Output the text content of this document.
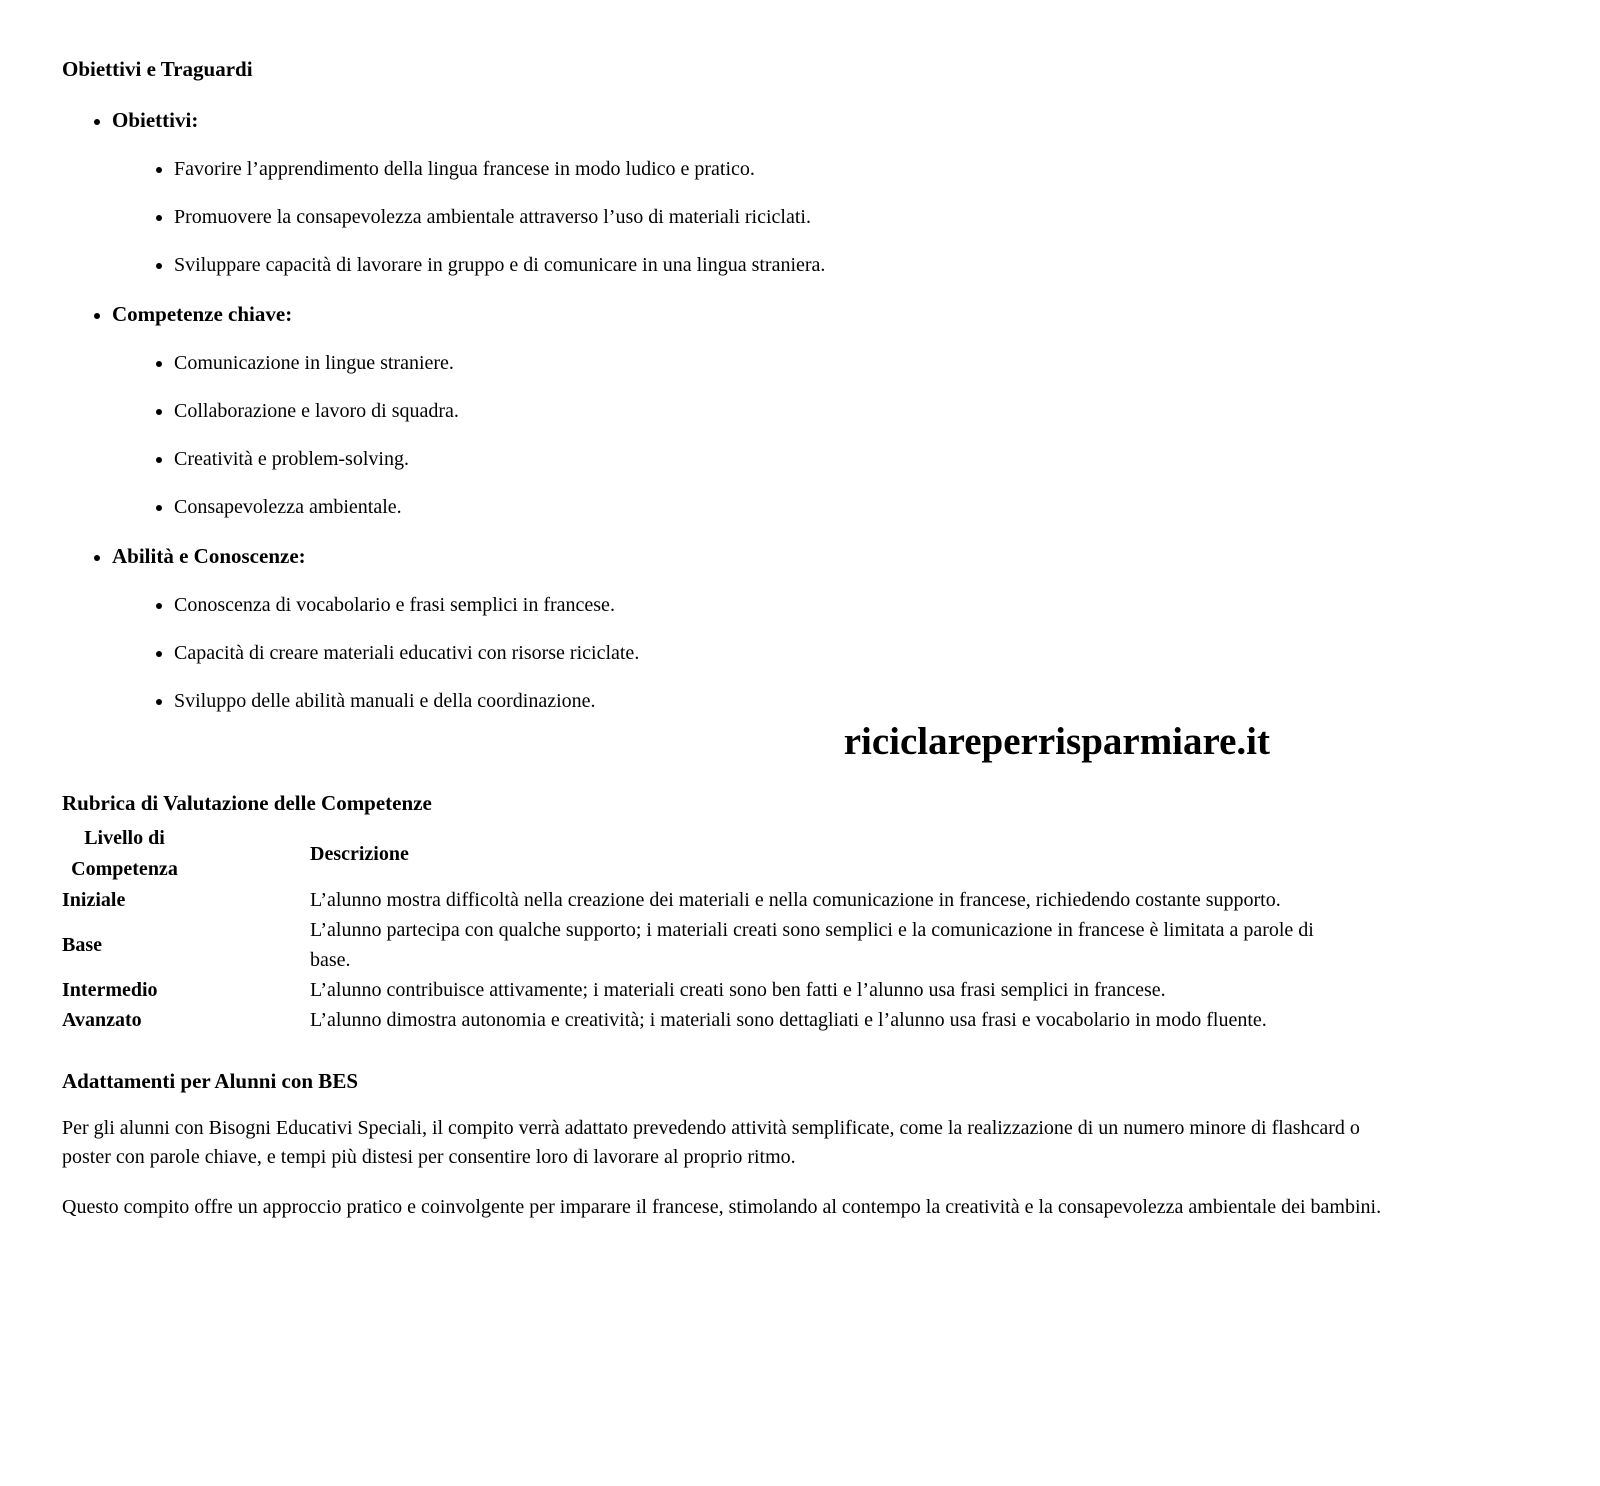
Obiettivi e Traguardi

• Obiettivi:
• Favorire l’apprendimento della lingua francese in modo ludico e pratico.
• Promuovere la consapevolezza ambientale attraverso l’uso di materiali riciclati.
• Sviluppare capacità di lavorare in gruppo e di comunicare in una lingua straniera.
• Competenze chiave:
• Comunicazione in lingue straniere.
• Collaborazione e lavoro di squadra.
• Creatività e problem-solving.
• Consapevolezza ambientale.
• Abilità e Conoscenze:
• Conoscenza di vocabolario e frasi semplici in francese.
• Capacità di creare materiali educativi con risorse riciclate.
• Sviluppo delle abilità manuali e della coordinazione.
riciclareperrisparmiare.it

Rubrica di Valutazione delle Competenze

Livello di Competenza	Descrizione
Iniziale	L’alunno mostra difficoltà nella creazione dei materiali e nella comunicazione in francese, richiedendo costante supporto.
Base	L’alunno partecipa con qualche supporto; i materiali creati sono semplici e la comunicazione in francese è limitata a parole di base.
Intermedio	L’alunno contribuisce attivamente; i materiali creati sono ben fatti e l’alunno usa frasi semplici in francese.
Avanzato	L’alunno dimostra autonomia e creatività; i materiali sono dettagliati e l’alunno usa frasi e vocabolario in modo fluente.

Adattamenti per Alunni con BES

Per gli alunni con Bisogni Educativi Speciali, il compito verrà adattato prevedendo attività semplificate, come la realizzazione di un numero minore di flashcard o poster con parole chiave, e tempi più distesi per consentire loro di lavorare al proprio ritmo.

Questo compito offre un approccio pratico e coinvolgente per imparare il francese, stimolando al contempo la creatività e la consapevolezza ambientale dei bambini.
